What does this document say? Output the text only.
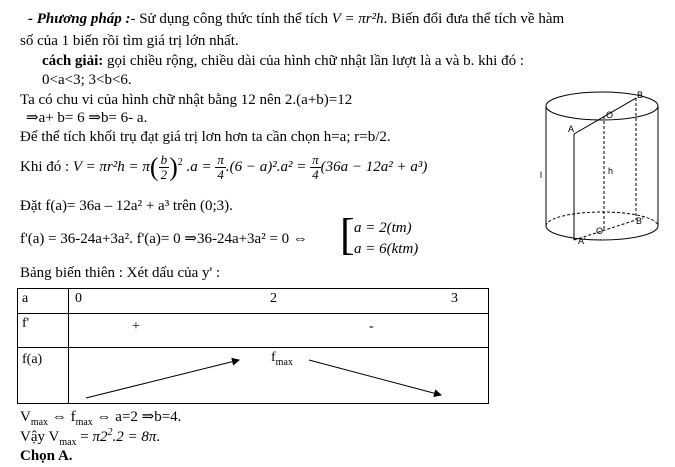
- Phương pháp :- Sử dụng công thức tính thể tích V = πr²h. Biến đổi đưa thể tích về hàm
số của 1 biến rồi tìm giá trị lớn nhất.
cách giải: gọi chiều rộng, chiều dài của hình chữ nhật lần lượt là a và b. khi đó :
0<a<3; 3<b<6.
Ta có chu vi của hình chữ nhật bằng 12 nên 2.(a+b)=12
⇒a+ b= 6 ⇒b= 6- a.
Để thể tích khối trụ đạt giá trị lơn hơn ta cần chọn h=a; r=b/2.
Khi đó : $V = \pi r^2h = \pi( \frac{b}{2} )^2$ $.a = \frac{\pi}{4} .(6 - a)^2.a^2 = \frac{\pi}{4} (36a - 12a^2 + a^3)$
Đặt f(a)= 36a – 12a² + a³ trên (0;3).
f'(a) = 36-24a+3a². f'(a)= 0 ⇒36-24a+3a² = 0 ⇔ [ a = 2(tm)
a = 6(ktm)
Bảng biến thiên : Xét dấu của y' :
a	0 2 3

f'	+ -

f(a)	$f_{max}$
$V_{max}$ ⇔ $f_{max}$ ⇔ a=2 ⇒b=4.
Vậy $V_{max} = \pi 2^2.2 = 8\pi$.
Chọn A.
O
B
A
h
l
O'
B'
A'
